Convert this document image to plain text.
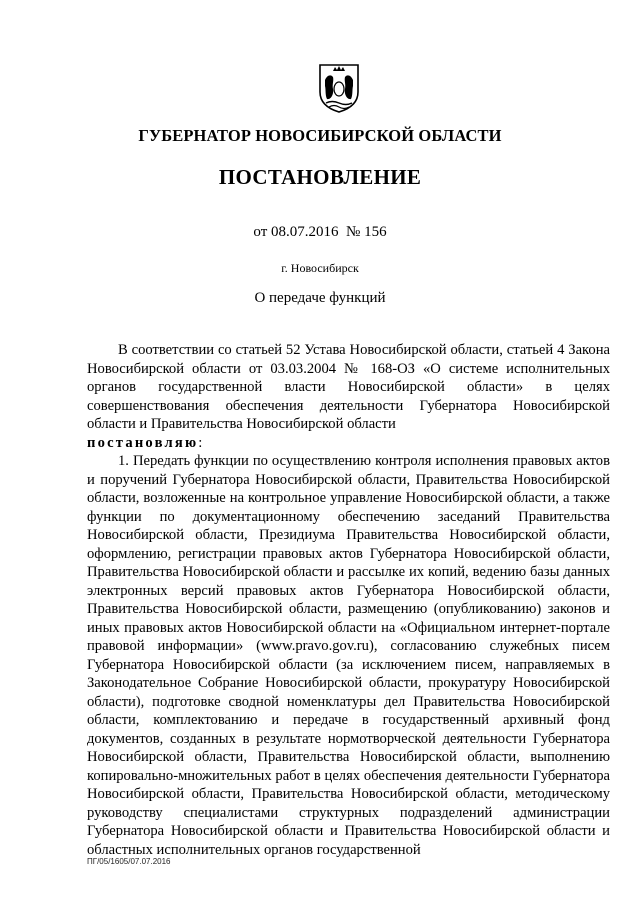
ГУБЕРНАТОР НОВОСИБИРСКОЙ ОБЛАСТИ
ПОСТАНОВЛЕНИЕ
от 08.07.2016  № 156
г. Новосибирск
О передаче функций

В соответствии со статьей 52 Устава Новосибирской области, статьей 4 Закона Новосибирской области от 03.03.2004 № 168-ОЗ «О системе исполнительных органов государственной власти Новосибирской области» в целях совершенствования обеспечения деятельности Губернатора Новосибирской области и Правительства Новосибирской области

постановляю:

1. Передать функции по осуществлению контроля исполнения правовых актов и поручений Губернатора Новосибирской области, Правительства Новосибирской области, возложенные на контрольное управление Новосибирской области, а также функции по документационному обеспечению заседаний Правительства Новосибирской области, Президиума Правительства Новосибирской области, оформлению, регистрации правовых актов Губернатора Новосибирской области, Правительства Новосибирской области и рассылке их копий, ведению базы данных электронных версий правовых актов Губернатора Новосибирской области, Правительства Новосибирской области, размещению (опубликованию) законов и иных правовых актов Новосибирской области на «Официальном интернет-портале правовой информации» (www.pravo.gov.ru), согласованию служебных писем Губернатора Новосибирской области (за исключением писем, направляемых в Законодательное Собрание Новосибирской области, прокуратуру Новосибирской области), подготовке сводной номенклатуры дел Правительства Новосибирской области, комплектованию и передаче в государственный архивный фонд документов, созданных в результате нормотворческой деятельности Губернатора Новосибирской области, Правительства Новосибирской области, выполнению копировально-множительных работ в целях обеспечения деятельности Губернатора Новосибирской области, Правительства Новосибирской области, методическому руководству специалистами структурных подразделений администрации Губернатора Новосибирской области и Правительства Новосибирской области и областных исполнительных органов государственной

ПГ/05/1605/07.07.2016
